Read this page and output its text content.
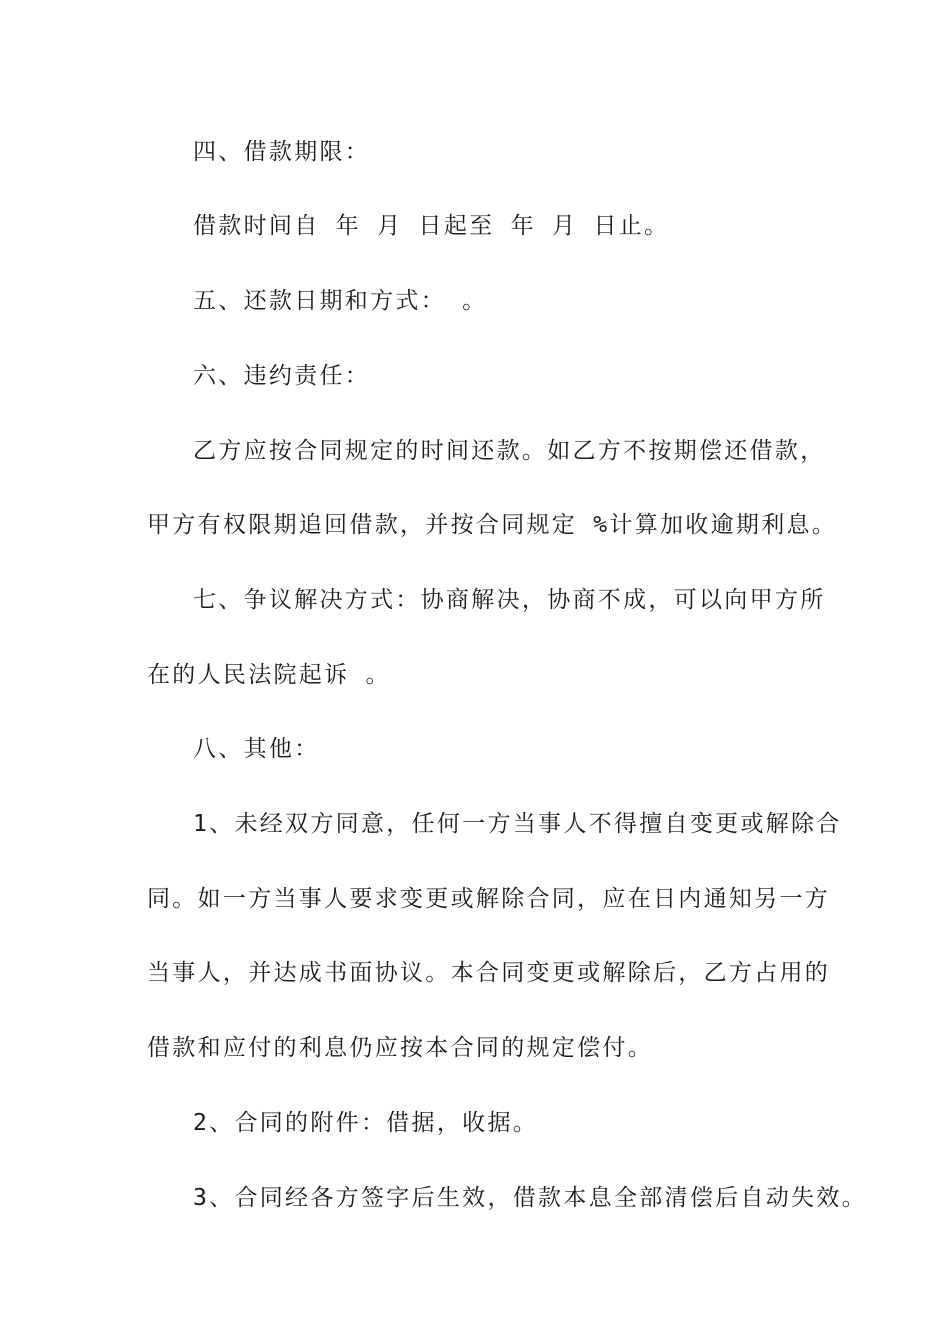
四、借款期限：
借款时间自 年 月 日起至 年 月 日止。
五、还款日期和方式： 。
六、违约责任：
乙方应按合同规定的时间还款。如乙方不按期偿还借款，
甲方有权限期追回借款，并按合同规定 %计算加收逾期利息。
七、争议解决方式：协商解决，协商不成，可以向甲方所
在的人民法院起诉 。
八、其他：
1、未经双方同意，任何一方当事人不得擅自变更或解除合
同。如一方当事人要求变更或解除合同，应在日内通知另一方
当事人，并达成书面协议。本合同变更或解除后，乙方占用的
借款和应付的利息仍应按本合同的规定偿付。
2、合同的附件：借据，收据。
3、合同经各方签字后生效，借款本息全部清偿后自动失效。
